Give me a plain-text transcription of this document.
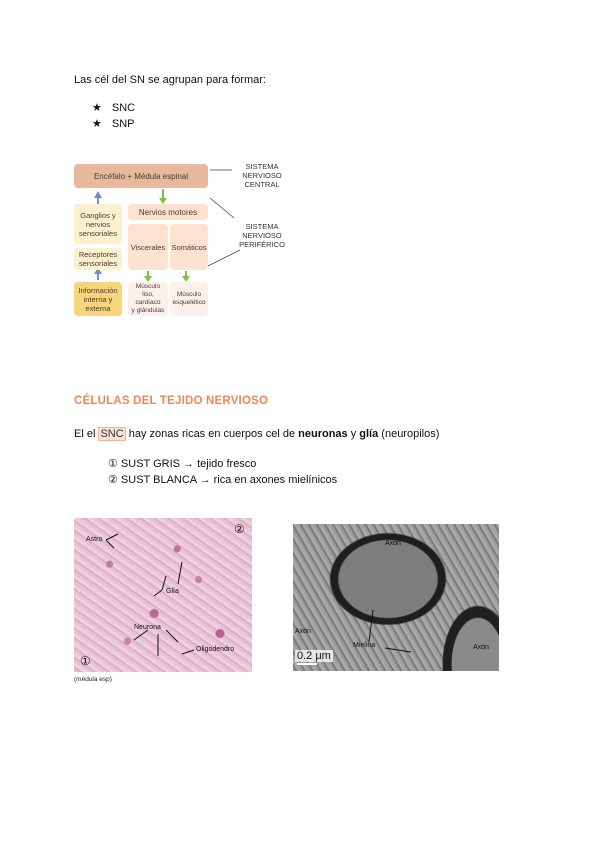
Las cél del SN se agrupan para formar:
★ SNC
★ SNP
Encéfalo + Médula espinal
SISTEMA
NERVIOSO
CENTRAL
SISTEMA
NERVIOSO
PERIFÉRICO
Ganglios y
nervios
sensoriales
Receptores
sensoriales
Información
interna y
externa
Nervios motores
Viscerales Somáticos
Músculo
liso,
cardíaco
y glándulas
Músculo
esquelético
CÉLULAS DEL TEJIDO NERVIOSO
El el SNC hay zonas ricas en cuerpos cel de neuronas y glía (neuropilos)
① SUST GRIS → tejido fresco
② SUST BLANCA → rica en axones mielínicos
Astro
Glía
Neurona
Oligodendro
②
①
(médula esp)
Axón
Axón
Axón
Mielina
0.2 μm
